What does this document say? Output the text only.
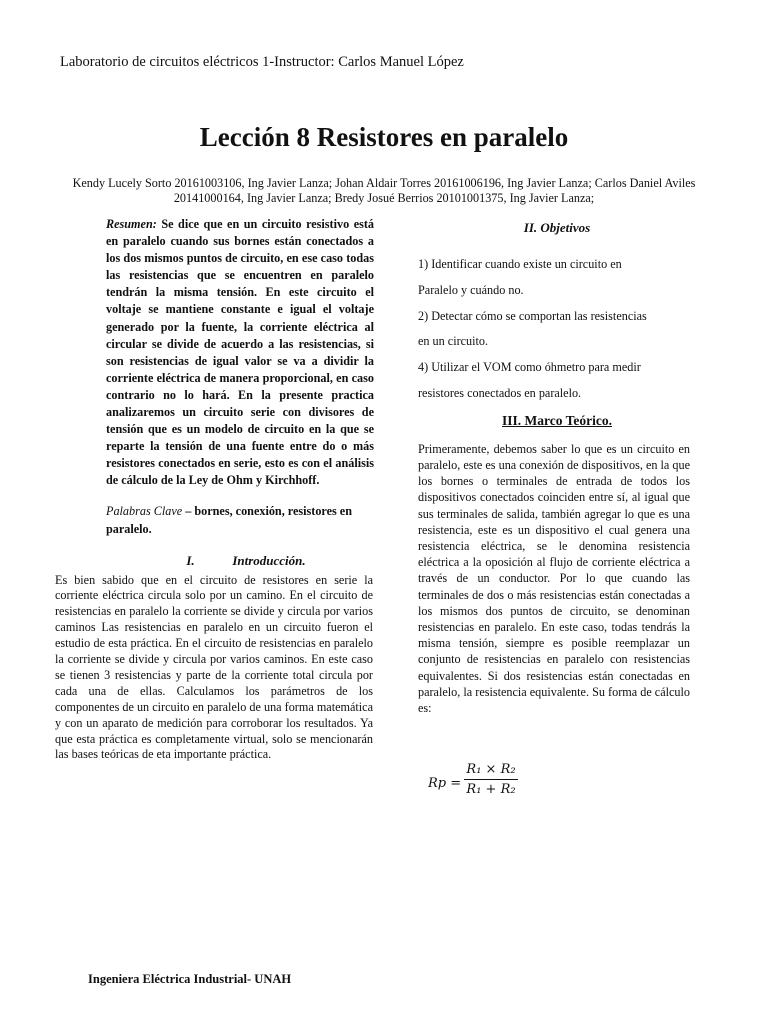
Laboratorio de circuitos eléctricos 1-Instructor: Carlos Manuel López
Lección 8 Resistores en paralelo
Kendy Lucely Sorto 20161003106, Ing Javier Lanza; Johan Aldair Torres 20161006196, Ing Javier Lanza; Carlos Daniel Aviles
20141000164, Ing Javier Lanza; Bredy Josué Berrios 20101001375, Ing Javier Lanza;
Resumen: Se dice que en un circuito resistivo está en paralelo cuando sus bornes están conectados a los dos mismos puntos de circuito, en ese caso todas las resistencias que se encuentren en paralelo tendrán la misma tensión. En este circuito el voltaje se mantiene constante e igual el voltaje generado por la fuente, la corriente eléctrica al circular se divide de acuerdo a las resistencias, si son resistencias de igual valor se va a dividir la corriente eléctrica de manera proporcional, en caso contrario no lo hará. En la presente practica analizaremos un circuito serie con divisores de tensión que es un modelo de circuito en la que se reparte la tensión de una fuente entre do o más resistores conectados en serie, esto es con el análisis de cálculo de la Ley de Ohm y Kirchhoff.
Palabras Clave – bornes, conexión, resistores en paralelo.
I.	Introducción.
Es bien sabido que en el circuito de resistores en serie la corriente eléctrica circula solo por un camino. En el circuito de resistencias en paralelo la corriente se divide y circula por varios caminos Las resistencias en paralelo en un circuito fueron el estudio de esta práctica. En el circuito de resistencias en paralelo la corriente se divide y circula por varios caminos. En este caso se tienen 3 resistencias y parte de la corriente total circula por cada una de ellas. Calculamos los parámetros de los componentes de un circuito en paralelo de una forma matemática y con un aparato de medición para corroborar los resultados. Ya que esta práctica es completamente virtual, solo se mencionarán las bases teóricas de eta importante práctica.
II. Objetivos

1) Identificar cuando existe un circuito en Paralelo y cuándo no.

2) Detectar cómo se comportan las resistencias en un circuito.

4) Utilizar el VOM como óhmetro para medir resistores conectados en paralelo.

III. Marco Teórico.
Primeramente, debemos saber lo que es un circuito en paralelo, este es una conexión de dispositivos, en la que los bornes o terminales de entrada de todos los dispositivos conectados coinciden entre sí, al igual que sus terminales de salida, también agregar lo que es una resistencia, este es un dispositivo el cual genera una resistencia eléctrica, se le denomina resistencia eléctrica a la oposición al flujo de corriente eléctrica a través de un conductor. Por lo que cuando las terminales de dos o más resistencias están conectadas a los mismos dos puntos de circuito, se denominan resistencias en paralelo. En este caso, todas tendrás la misma tensión, siempre es posible reemplazar un conjunto de resistencias en paralelo con resistencias equivalentes. Si dos resistencias están conectadas en paralelo, la resistencia equivalente. Su forma de cálculo es:
Rp =
R₁ × R₂
R₁ + R₂
Ingeniera Eléctrica Industrial- UNAH
